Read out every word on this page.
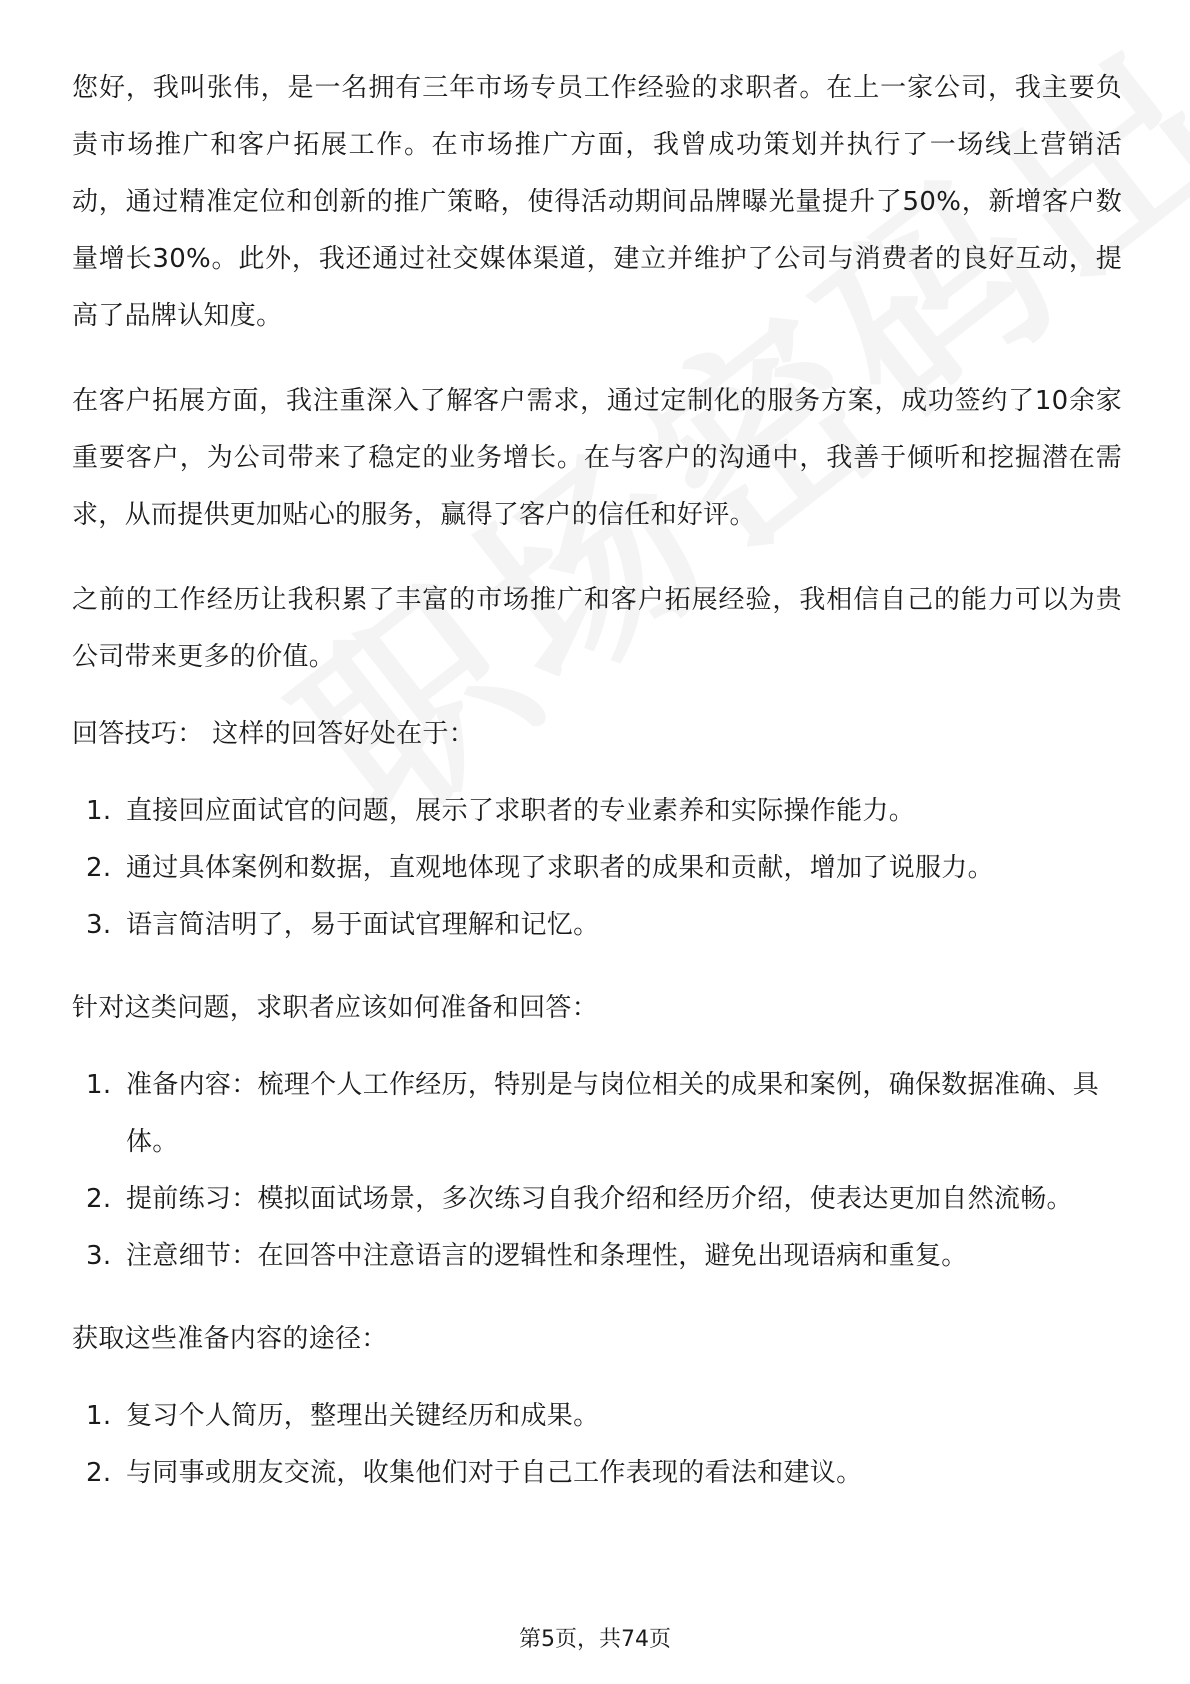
您好，我叫张伟，是一名拥有三年市场专员工作经验的求职者。在上一家公司，我主要负责市场推广和客户拓展工作。在市场推广方面，我曾成功策划并执行了一场线上营销活动，通过精准定位和创新的推广策略，使得活动期间品牌曝光量提升了50%，新增客户数量增长30%。此外，我还通过社交媒体渠道，建立并维护了公司与消费者的良好互动，提高了品牌认知度。

在客户拓展方面，我注重深入了解客户需求，通过定制化的服务方案，成功签约了10余家重要客户，为公司带来了稳定的业务增长。在与客户的沟通中，我善于倾听和挖掘潜在需求，从而提供更加贴心的服务，赢得了客户的信任和好评。

之前的工作经历让我积累了丰富的市场推广和客户拓展经验，我相信自己的能力可以为贵公司带来更多的价值。

回答技巧： 这样的回答好处在于：

1. 直接回应面试官的问题，展示了求职者的专业素养和实际操作能力。
2. 通过具体案例和数据，直观地体现了求职者的成果和贡献，增加了说服力。
3. 语言简洁明了，易于面试官理解和记忆。

针对这类问题，求职者应该如何准备和回答：

1. 准备内容：梳理个人工作经历，特别是与岗位相关的成果和案例，确保数据准确、具体。
2. 提前练习：模拟面试场景，多次练习自我介绍和经历介绍，使表达更加自然流畅。
3. 注意细节：在回答中注意语言的逻辑性和条理性，避免出现语病和重复。

获取这些准备内容的途径：

1. 复习个人简历，整理出关键经历和成果。
2. 与同事或朋友交流，收集他们对于自己工作表现的看法和建议。
第5页，共74页
